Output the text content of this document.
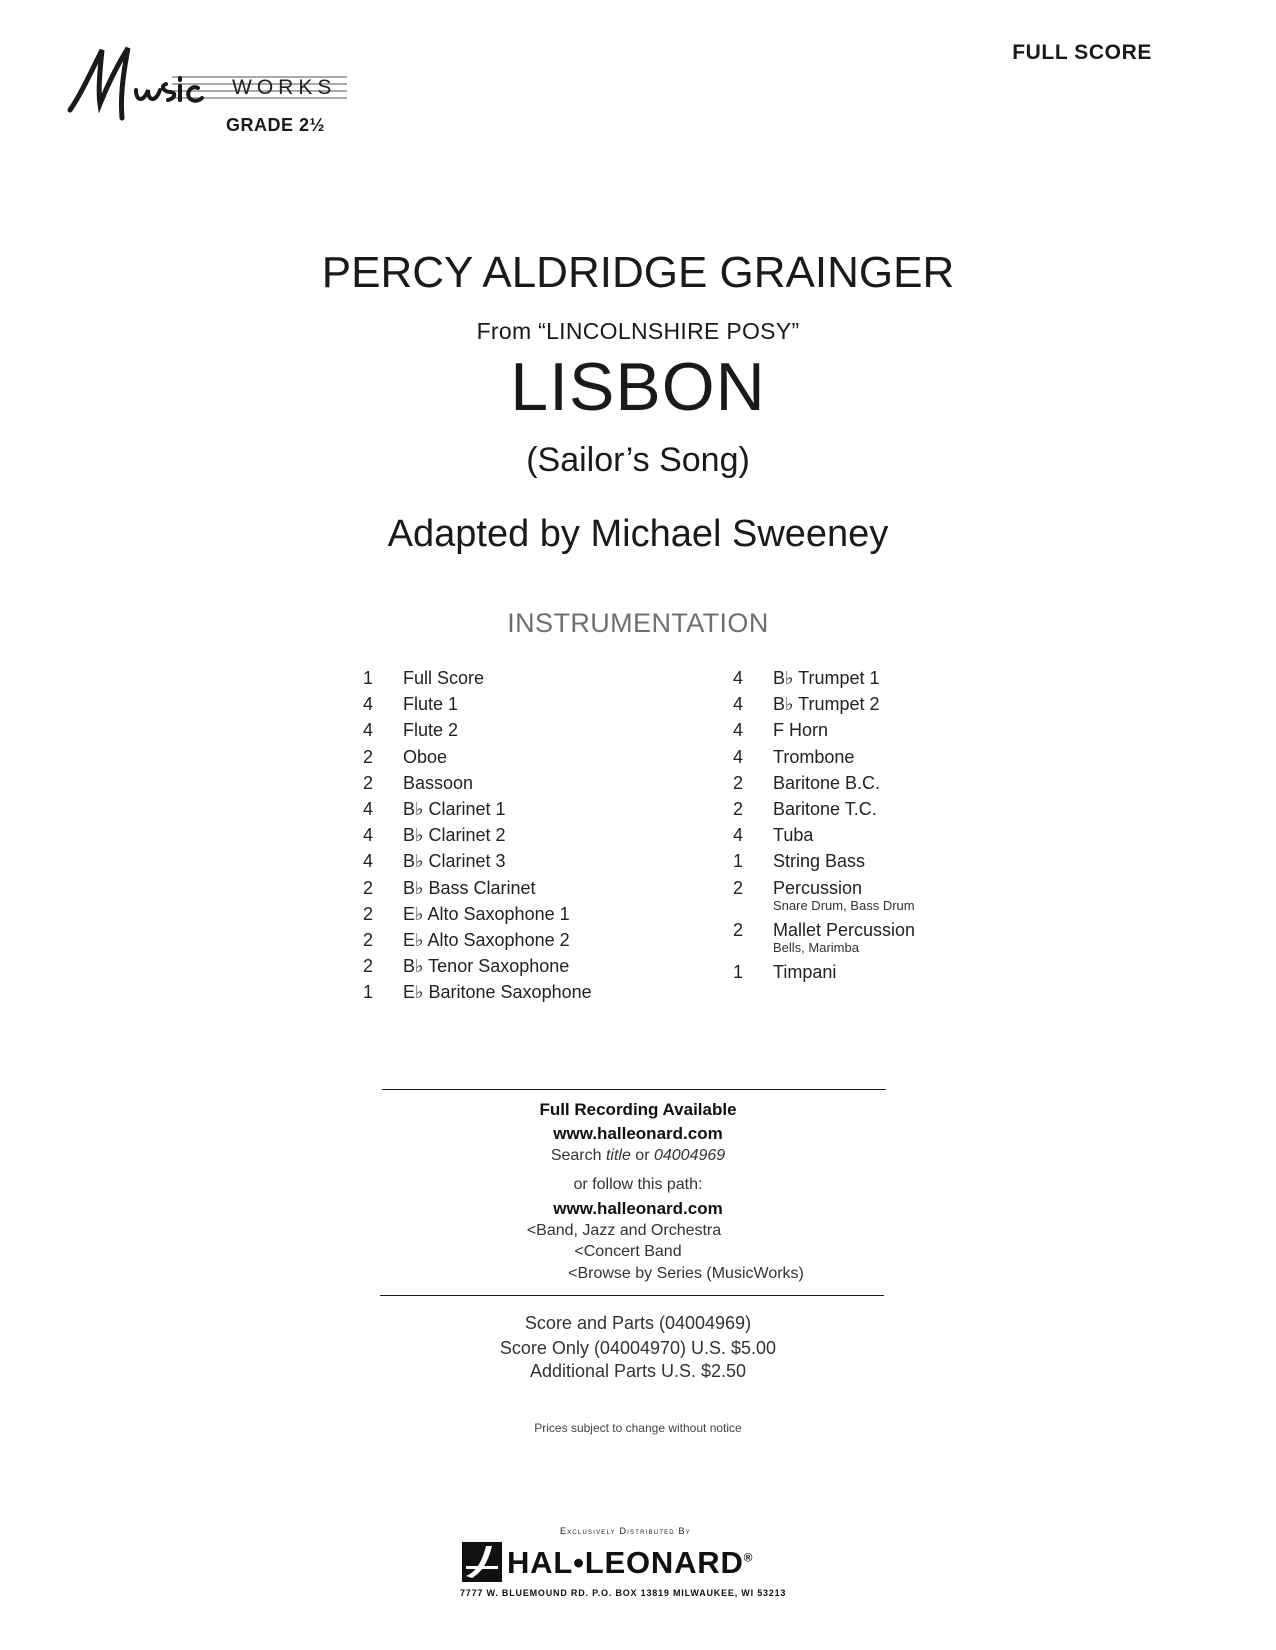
WORKS
GRADE 2½
FULL SCORE
PERCY ALDRIDGE GRAINGER
From “LINCOLNSHIRE POSY”
LISBON
(Sailor’s Song)
Adapted by Michael Sweeney
INSTRUMENTATION
1	Full Score
4	Flute 1
4	Flute 2
2	Oboe
2	Bassoon
4	B♭ Clarinet 1
4	B♭ Clarinet 2
4	B♭ Clarinet 3
2	B♭ Bass Clarinet
2	E♭ Alto Saxophone 1
2	E♭ Alto Saxophone 2
2	B♭ Tenor Saxophone
1	E♭ Baritone Saxophone
4	B♭ Trumpet 1
4	B♭ Trumpet 2
4	F Horn
4	Trombone
2	Baritone B.C.
2	Baritone T.C.
4	Tuba
1	String Bass
2	Percussion
Snare Drum, Bass Drum
2	Mallet Percussion
Bells, Marimba
1	Timpani
Full Recording Available
www.halleonard.com
Search title or 04004969
or follow this path:
www.halleonard.com
<Band, Jazz and Orchestra
<Concert Band
<Browse by Series (MusicWorks)
Score and Parts (04004969)
Score Only (04004970) U.S. $5.00
Additional Parts U.S. $2.50
Prices subject to change without notice
Exclusively Distributed By
HAL•LEONARD®
7777 W. BLUEMOUND RD. P.O. BOX 13819 MILWAUKEE, WI 53213
